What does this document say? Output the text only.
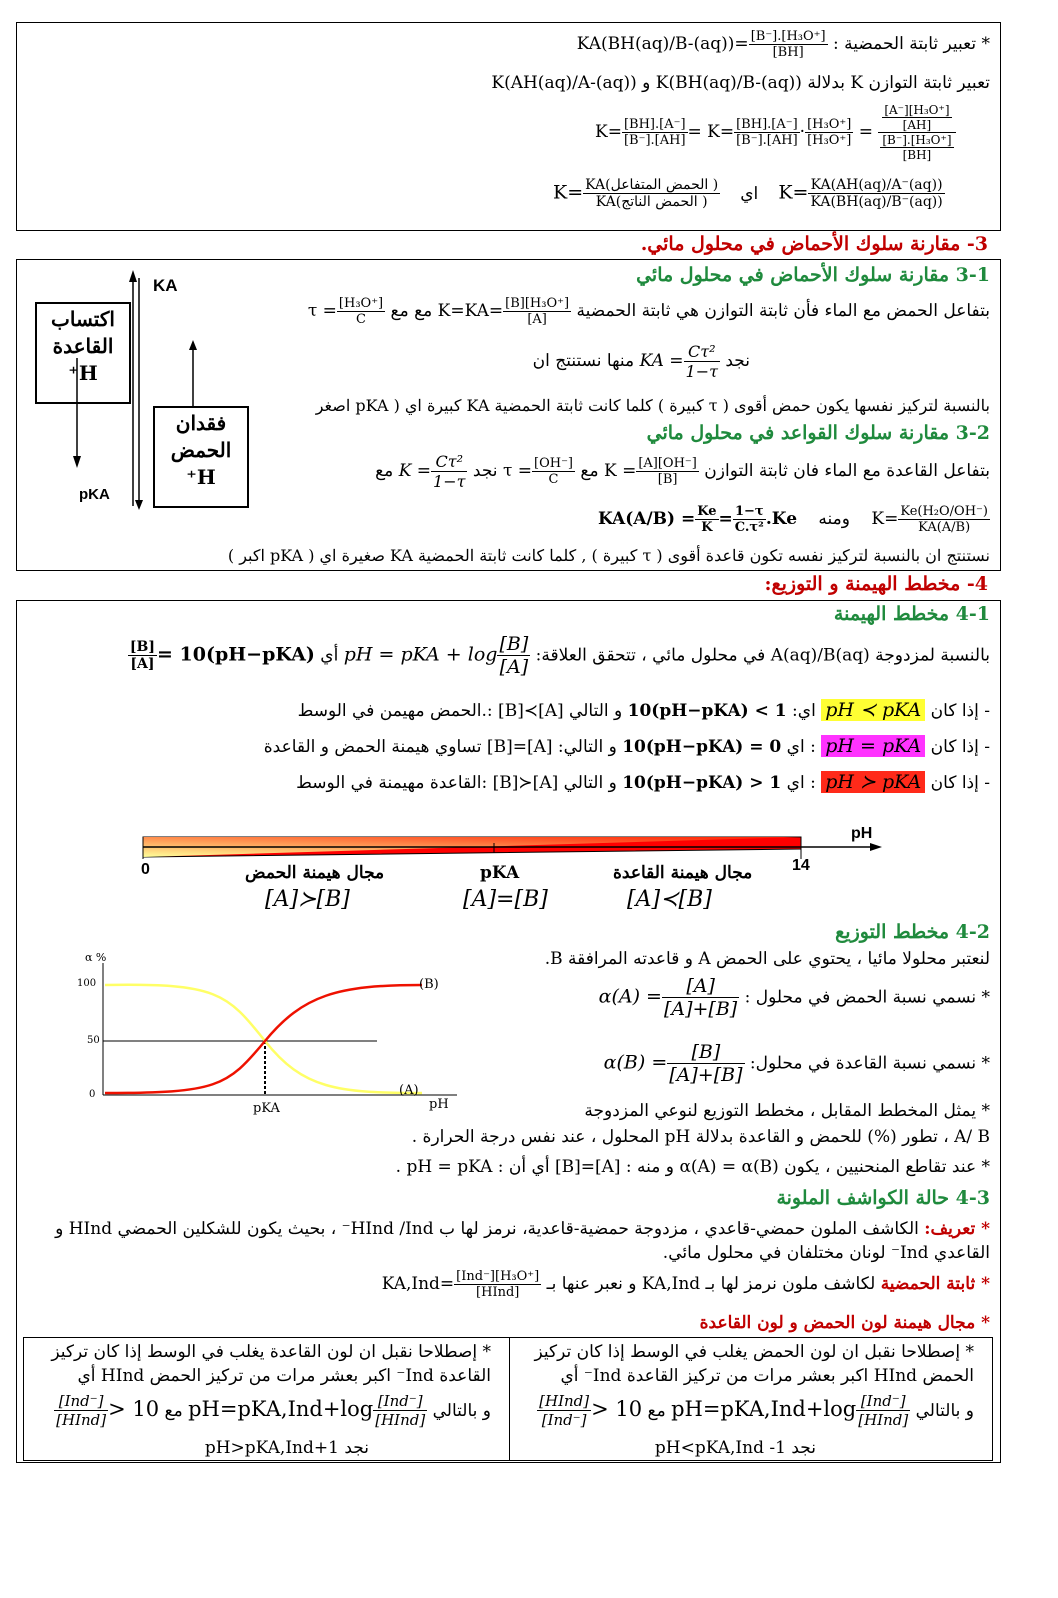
* تعبير ثابتة الحمضية : $KA(BH(aq)/B-(aq))= \frac{\text{[B⁻].[H₃O⁺]}}{[BH]}$
تعبير ثابتة التوازن K بدلالة K(AH(aq)/A-(aq)) و K(BH(aq)/B-(aq))
$K= \frac{[BH].[A^-]}{[B^-].[AH]} = K= \frac{[BH].[A^-]}{[B^-].[AH]} \cdot \frac{\text{[H₃O⁺]}}{\text{[H₃O⁺]}} = \frac{\frac{\text{[A⁻][H₃O⁺]}}{[AH]}}{\frac{\text{[B⁻].[H₃O⁺]}}{[BH]}}$
$K= \frac{\text{KA(الحمض المتفاعل )}}{\text{KA(الحمض الناتج )}}$ اي $K= \frac{KA(AH(aq)/A^-(aq))}{KA(BH(aq)/B^-(aq))}$
3- مقارنة سلوك الأحماض في محلول مائي.
3-1 مقارنة سلوك الأحماض في محلول مائي
بتفاعل الحمض مع الماء فأن ثابتة التوازن هي ثابتة الحمضية $K=KA= \frac{\text{[B][H₃O⁺]}}{[A]}$
مع مع $\tau = \frac{\text{[H₃O⁺]}}{C}$
نجد KA = $\frac{\text{Cτ²}}{1-\tau}$
منها نستنتج ان
بالنسبة لتركيز نفسها يكون حمض أقوى ( τ كبيرة ) كلما كانت ثابتة الحمضية KA كبيرة اي ( pKA اصغر
3-2 مقارنة سلوك القواعد في محلول مائي
بتفاعل القاعدة مع الماء فان ثابتة التوازن $K = \frac{[A][OH^-]}{[B]}$
مع $\tau = \frac{[OH^-]}{C}$
نجد $K = \frac{\text{Cτ²}}{1-\tau}$
مع
$K= \frac{\text{Ke(H₂O/OH⁻)}}{KA(A/B)}$
ومنه $KA(A/B) = \frac{Ke}{K} = \frac{1-\tau}{\text{C.τ²}} .Ke$
نستنتج ان بالنسبة لتركيز نفسه تكون قاعدة أقوى ( τ كبيرة ) , كلما كانت ثابتة الحمضية KA صغيرة اي ( pKA اكبر )
اكتساب القاعدة H⁺
فقدان الحمض H⁺
KA
pKA
4- مخطط الهيمنة و التوزيع:
4-1 مخطط الهيمنة
بالنسبة لمزدوجة A(aq)/B(aq) في محلول مائي ، تتحقق العلاقة: pH = pKA + $\log \frac{[B]}{[A]}$
أي
$\frac{[B]}{[A]} = 10(pH-pKA)$
- إذا كان pH ≺ pKA اي: 10(pH−pKA) < 1 و التالي [A]≻[B] :.الحمض مهيمن في الوسط
- إذا كان pH = pKA : اي 10(pH−pKA) = 0 و التالي: [A]=[B] تساوي هيمنة الحمض و القاعدة
- إذا كان pH ≻ pKA : اي 10(pH−pKA) > 1 و التالي [A]≺[B] :القاعدة مهيمنة في الوسط
pH
0	14
pKA
مجال هيمنة الحمض
[A]≻[B]	[A]=[B]
مجال هيمنة القاعدة
[A]≺[B]
4-2 مخطط التوزيع
لنعتبر محلولا مائيا ، يحتوي على الحمض A و قاعدته المرافقة B.
* نسمي نسبة الحمض في محلول : $\alpha(A) = \frac{[A]}{[A]+[B]}$
* نسمي نسبة القاعدة في محلول: $\alpha(B) = \frac{[B]}{[A]+[B]}$
* يمثل المخطط المقابل ، مخطط التوزيع لنوعي المزدوجة
A/ B ، تطور (%) للحمض و القاعدة بدلالة pH المحلول ، عند نفس درجة الحرارة .
* عند تقاطع المنحنيين ، يكون α(A) = α(B) و منه : [A]=[B] أي أن : pH = pKA .
α %
100
50
0
(B)
(A)
pKA	pH
4-3 حالة الكواشف الملونة
* تعريف: الكاشف الملون حمضي-قاعدي ، مزدوجة حمضية-قاعدية، نرمز لها ب HInd /Ind⁻ ، بحيث يكون للشكلين الحمضي HInd و
القاعدي Ind⁻ لونان مختلفان في محلول مائي.
* ثابتة الحمضية لكاشف ملون نرمز لها بـ KA,Ind و نعبر عنها بـ $KA,Ind= \frac{\text{[Ind⁻][H₃O⁺]}}{\text{[HInd]}}$
* مجال هيمنة لون الحمض و لون القاعدة
* إصطلاحا نقبل ان لون الحمض يغلب في الوسط إذا كان تركيز
الحمض HInd اكبر بعشر مرات من تركيز القاعدة Ind⁻ أي
و بالتالي $pH=pKA,Ind+\log \frac{\text{[Ind⁻]}}{\text{[HInd]}}$
مع
$\frac{\text{[HInd]}}{\text{[Ind⁻]}} > 10$
نجد pH<pKA,Ind -1
* إصطلاحا نقبل ان لون القاعدة يغلب في الوسط إذا كان تركيز
القاعدة Ind⁻ اكبر بعشر مرات من تركيز الحمض HInd أي
و بالتالي $pH=pKA,Ind+\log \frac{\text{[Ind⁻]}}{\text{[HInd]}}$
مع
$\frac{\text{[Ind⁻]}}{\text{[HInd]}} > 10$
نجد pH>pKA,Ind+1
